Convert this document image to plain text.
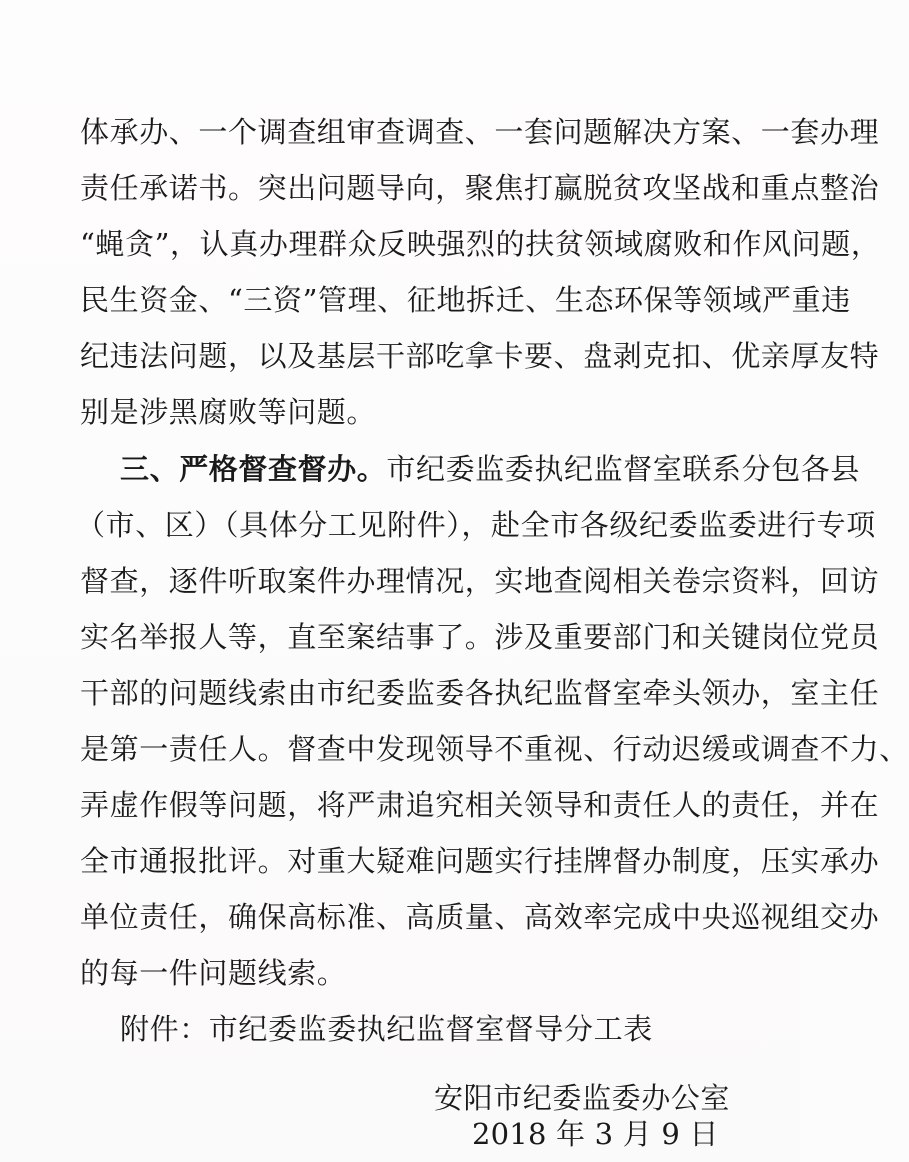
体承办、一个调查组审查调查、一套问题解决方案、一套办理
责任承诺书。突出问题导向，聚焦打赢脱贫攻坚战和重点整治
“蝇贪”，认真办理群众反映强烈的扶贫领域腐败和作风问题，
民生资金、“三资”管理、征地拆迁、生态环保等领域严重违
纪违法问题，以及基层干部吃拿卡要、盘剥克扣、优亲厚友特
别是涉黑腐败等问题。
三、严格督查督办。市纪委监委执纪监督室联系分包各县
（市、区）（具体分工见附件），赴全市各级纪委监委进行专项
督查，逐件听取案件办理情况，实地查阅相关卷宗资料，回访
实名举报人等，直至案结事了。涉及重要部门和关键岗位党员
干部的问题线索由市纪委监委各执纪监督室牵头领办，室主任
是第一责任人。督查中发现领导不重视、行动迟缓或调查不力、
弄虚作假等问题，将严肃追究相关领导和责任人的责任，并在
全市通报批评。对重大疑难问题实行挂牌督办制度，压实承办
单位责任，确保高标准、高质量、高效率完成中央巡视组交办
的每一件问题线索。
附件：市纪委监委执纪监督室督导分工表
安阳市纪委监委办公室
2018 年 3 月 9 日
